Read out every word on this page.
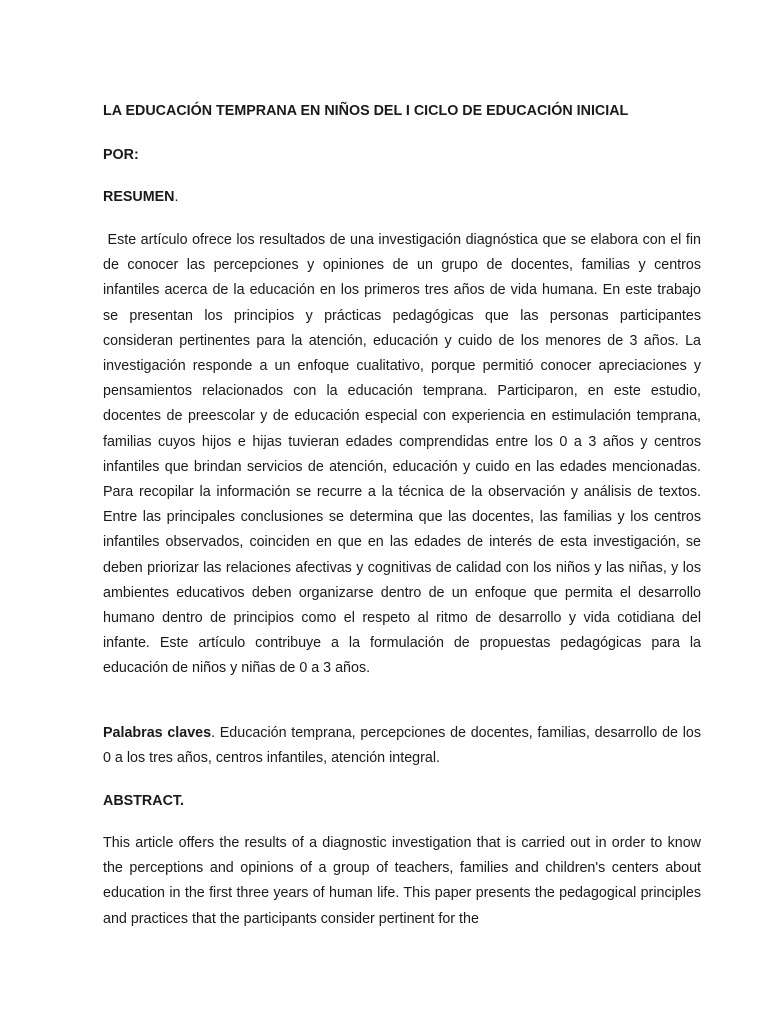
LA EDUCACIÓN TEMPRANA EN NIÑOS DEL I CICLO DE EDUCACIÓN INICIAL

POR:

RESUMEN.

Este artículo ofrece los resultados de una investigación diagnóstica que se elabora con el fin de conocer las percepciones y opiniones de un grupo de docentes, familias y centros infantiles acerca de la educación en los primeros tres años de vida humana. En este trabajo se presentan los principios y prácticas pedagógicas que las personas participantes consideran pertinentes para la atención, educación y cuido de los menores de 3 años. La investigación responde a un enfoque cualitativo, porque permitió conocer apreciaciones y pensamientos relacionados con la educación temprana. Participaron, en este estudio, docentes de preescolar y de educación especial con experiencia en estimulación temprana, familias cuyos hijos e hijas tuvieran edades comprendidas entre los 0 a 3 años y centros infantiles que brindan servicios de atención, educación y cuido en las edades mencionadas. Para recopilar la información se recurre a la técnica de la observación y análisis de textos. Entre las principales conclusiones se determina que las docentes, las familias y los centros infantiles observados, coinciden en que en las edades de interés de esta investigación, se deben priorizar las relaciones afectivas y cognitivas de calidad con los niños y las niñas, y los ambientes educativos deben organizarse dentro de un enfoque que permita el desarrollo humano dentro de principios como el respeto al ritmo de desarrollo y vida cotidiana del infante. Este artículo contribuye a la formulación de propuestas pedagógicas para la educación de niños y niñas de 0 a 3 años.

Palabras claves. Educación temprana, percepciones de docentes, familias, desarrollo de los 0 a los tres años, centros infantiles, atención integral.

ABSTRACT.

This article offers the results of a diagnostic investigation that is carried out in order to know the perceptions and opinions of a group of teachers, families and children's centers about education in the first three years of human life. This paper presents the pedagogical principles and practices that the participants consider pertinent for the
